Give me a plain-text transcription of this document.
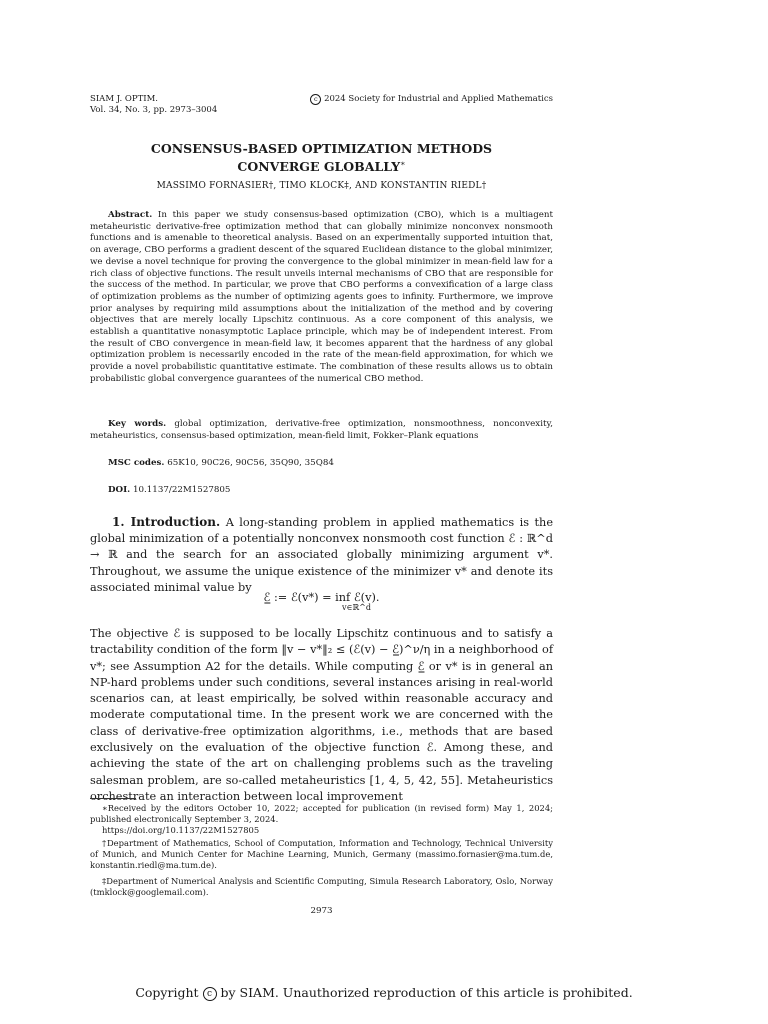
SIAM J. OPTIM.
Vol. 34, No. 3, pp. 2973–3004
c 2024 Society for Industrial and Applied Mathematics
CONSENSUS-BASED OPTIMIZATION METHODS
CONVERGE GLOBALLY∗
MASSIMO FORNASIER†, TIMO KLOCK‡, AND KONSTANTIN RIEDL†
Abstract. In this paper we study consensus-based optimization (CBO), which is a multiagent metaheuristic derivative-free optimization method that can globally minimize nonconvex nonsmooth functions and is amenable to theoretical analysis. Based on an experimentally supported intuition that, on average, CBO performs a gradient descent of the squared Euclidean distance to the global minimizer, we devise a novel technique for proving the convergence to the global minimizer in mean-field law for a rich class of objective functions. The result unveils internal mechanisms of CBO that are responsible for the success of the method. In particular, we prove that CBO performs a convexification of a large class of optimization problems as the number of optimizing agents goes to infinity. Furthermore, we improve prior analyses by requiring mild assumptions about the initialization of the method and by covering objectives that are merely locally Lipschitz continuous. As a core component of this analysis, we establish a quantitative nonasymptotic Laplace principle, which may be of independent interest. From the result of CBO convergence in mean-field law, it becomes apparent that the hardness of any global optimization problem is necessarily encoded in the rate of the mean-field approximation, for which we provide a novel probabilistic quantitative estimate. The combination of these results allows us to obtain probabilistic global convergence guarantees of the numerical CBO method.
Key words. global optimization, derivative-free optimization, nonsmoothness, nonconvexity, metaheuristics, consensus-based optimization, mean-field limit, Fokker–Plank equations
MSC codes. 65K10, 90C26, 90C56, 35Q90, 35Q84
DOI. 10.1137/22M1527805
1. Introduction. A long-standing problem in applied mathematics is the global minimization of a potentially nonconvex nonsmooth cost function ℰ : ℝ^d → ℝ and the search for an associated globally minimizing argument v*. Throughout, we assume the unique existence of the minimizer v* and denote its associated minimal value by
ℰ̲ := ℰ(v*) = inf ℰ(v).
v∈ℝ^d
The objective ℰ is supposed to be locally Lipschitz continuous and to satisfy a tractability condition of the form ‖v − v*‖₂ ≤ (ℰ(v) − ℰ̲)^ν/η in a neighborhood of v*; see Assumption A2 for the details. While computing ℰ̲ or v* is in general an NP-hard problems under such conditions, several instances arising in real-world scenarios can, at least empirically, be solved within reasonable accuracy and moderate computational time. In the present work we are concerned with the class of derivative-free optimization algorithms, i.e., methods that are based exclusively on the evaluation of the objective function ℰ. Among these, and achieving the state of the art on challenging problems such as the traveling salesman problem, are so-called metaheuristics [1, 4, 5, 42, 55]. Metaheuristics orchestrate an interaction between local improvement
∗Received by the editors October 10, 2022; accepted for publication (in revised form) May 1, 2024; published electronically September 3, 2024.
https://doi.org/10.1137/22M1527805
†Department of Mathematics, School of Computation, Information and Technology, Technical University of Munich, and Munich Center for Machine Learning, Munich, Germany (massimo.fornasier@ma.tum.de, konstantin.riedl@ma.tum.de).
‡Department of Numerical Analysis and Scientific Computing, Simula Research Laboratory, Oslo, Norway (tmklock@googlemail.com).
2973
Copyright c by SIAM. Unauthorized reproduction of this article is prohibited.
